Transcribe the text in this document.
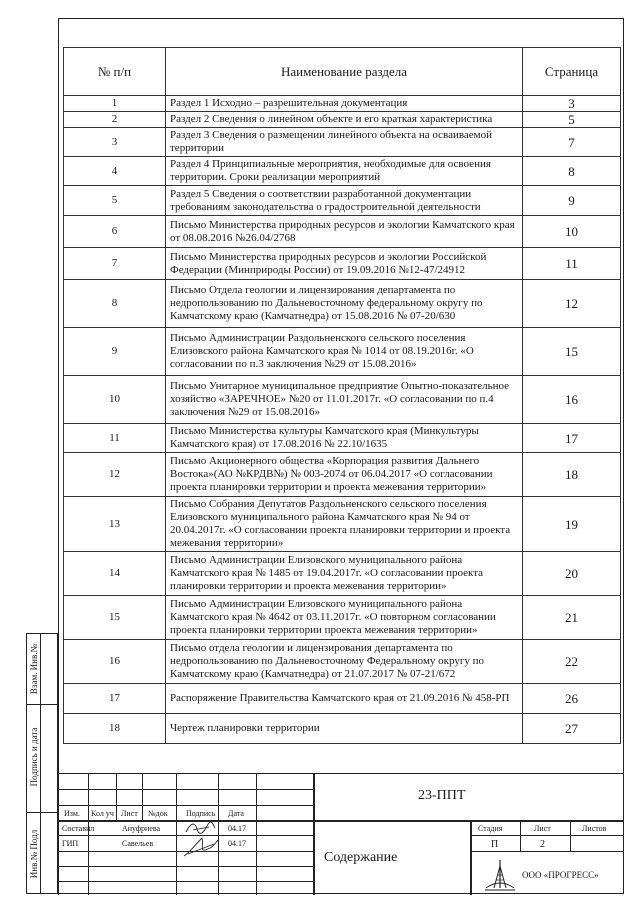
№ п/п	Наименование раздела	Страница
1	Раздел 1 Исходно – разрешительная документация	3
2	Раздел 2 Сведения о линейном объекте и его краткая характеристика	5
3	Раздел 3 Сведения о размещении линейного объекта на осваиваемой территории	7
4	Раздел 4 Принципиальные мероприятия, необходимые для освоения территории. Сроки реализации мероприятий	8
5	Раздел 5 Сведения о соответствии разработанной документации требованиям законодательства о градостроительной деятельности	9
6	Письмо Министерства природных ресурсов и экологии Камчатского края от 08.08.2016 №26.04/2768	10
7	Письмо Министерства природных ресурсов и экологии Российской Федерации (Минприроды России) от 19.09.2016 №12-47/24912	11
8	Письмо Отдела геологии и лицензирования департамента по недропользованию по Дальневосточному федеральному округу по Камчатскому краю (Камчатнедра) от 15.08.2016 № 07-20/630	12
9	Письмо Администрации Раздольненского сельского поселения Елизовского района Камчатского края № 1014 от 08.19.2016г. «О согласовании по п.3 заключения №29 от 15.08.2016»	15
10	Письмо Унитарное муниципальное предприятие Опытно-показательное хозяйство «ЗАРЕЧНОЕ» №20 от 11.01.2017г. «О согласовании по п.4 заключения №29 от 15.08.2016»	16
11	Письмо Министерства культуры Камчатского края (Минкультуры Камчатского края) от 17.08.2016 № 22.10/1635	17
12	Письмо Акционерного общества «Корпорация развития Дальнего Востока»(АО №КРДВ№) № 003-2074 от 06.04.2017 «О согласовании проекта планировки территории и проекта межевания территории»	18
13	Письмо Собрания Депутатов Раздольненского сельского поселения Елизовского муниципального района Камчатского края № 94 от 20.04.2017г. «О согласовании проекта планировки территории и проекта межевания территории»	19
14	Письмо Администрации Елизовского муниципального района Камчатского края № 1485 от 19.04.2017г. «О согласовании проекта планировки территории и проекта межевания территории»	20
15	Письмо Администрации Елизовского муниципального района Камчатского края № 4642 от 03.11.2017г. «О повторном согласовании проекта планировки территории проекта межевания территории»	21
16	Письмо отдела геологии и лицензирования департамента по недропользованию по Дальневосточному Федеральному округу по Камчатскому краю (Камчатнедра) от 21.07.2017 № 07-21/672	22
17	Распоряжение Правительства Камчатского края от 21.09.2016 № 458-РП	26
18	Чертеж планировки территории	27
Взам. Инв.№
Подпись и дата
Инв.№ Подл
Изм. Кол уч Лист №док Подпись Дата
23-ППТ
Составил	Ануфриева	04.17
ГИП	Савельев	04.17
Содержание
Стадия	Лист	Листов
П	2
ООО «ПРОГРЕСС»
